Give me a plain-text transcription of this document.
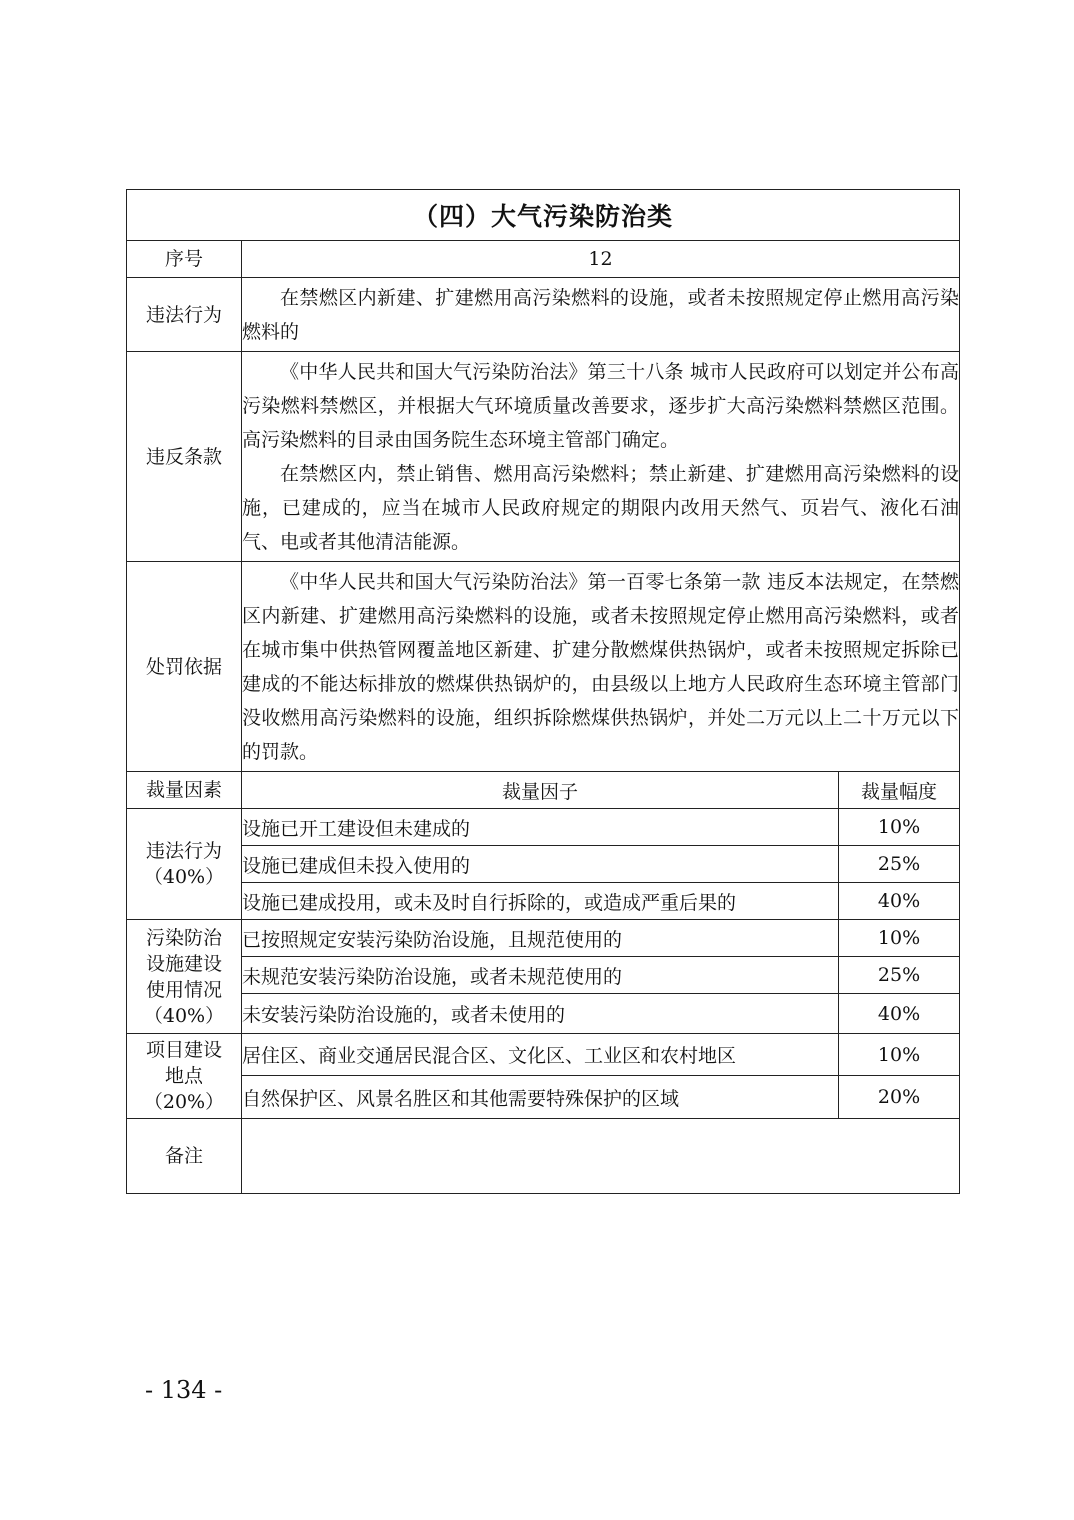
（四）大气污染防治类		
序号	12	
违法行为	在禁燃区内新建、扩建燃用高污染燃料的设施，或者未按照规定停止燃用高污染燃料的	

违反条款	《中华人民共和国大气污染防治法》第三十八条 城市人民政府可以划定并公布高污染燃料禁燃区，并根据大气环境质量改善要求，逐步扩大高污染燃料禁燃区范围。高污染燃料的目录由国务院生态环境主管部门确定。

在禁燃区内，禁止销售、燃用高污染燃料；禁止新建、扩建燃用高污染燃料的设施，已建成的，应当在城市人民政府规定的期限内改用天然气、页岩气、液化石油气、电或者其他清洁能源。	

处罚依据	《中华人民共和国大气污染防治法》第一百零七条第一款 违反本法规定，在禁燃区内新建、扩建燃用高污染燃料的设施，或者未按照规定停止燃用高污染燃料，或者在城市集中供热管网覆盖地区新建、扩建分散燃煤供热锅炉，或者未按照规定拆除已建成的不能达标排放的燃煤供热锅炉的，由县级以上地方人民政府生态环境主管部门没收燃用高污染燃料的设施，组织拆除燃煤供热锅炉，并处二万元以上二十万元以下的罚款。	

裁量因素	裁量因子	裁量幅度

违法行为
（40%）	设施已开工建设但未建成的	10%
	设施已建成但未投入使用的	25%
	设施已建成投用，或未及时自行拆除的，或造成严重后果的	40%

污染防治
设施建设
使用情况
（40%）	已按照规定安装污染防治设施，且规范使用的	10%
	未规范安装污染防治设施，或者未规范使用的	25%
	未安装污染防治设施的，或者未使用的	40%

项目建设
地点
（20%）	居住区、商业交通居民混合区、文化区、工业区和农村地区	10%
	自然保护区、风景名胜区和其他需要特殊保护的区域	20%
备注		
- 134 -
